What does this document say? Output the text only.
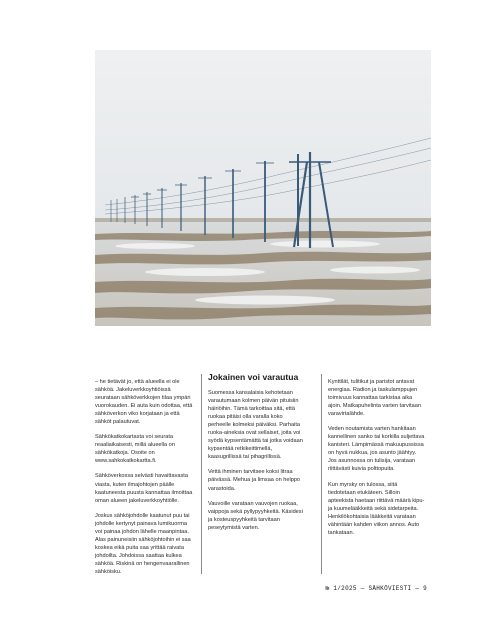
– he tietävät jo, että alueella ei ole sähköä. Jakeluverkkoyhtiöissä seurataan sähköverkkojen tilaa ympäri vuorokauden. Ei auta kuin odottaa, että sähköverkon viko korjataan ja että sähköt palautuvat.

Sähkökatkokartasta voi seurata reaaliaikaisesti, millä alueella on sähkökatkoja. Osoite on www.sahkokatkokartta.fi.

Sähköverkossa selvästi havaittavasta viasta, kuten ilmajohtojen päälle kaatuneesta puusta kannattaa ilmoittaa oman alueen jakeluverkkoyhtiölle.

Joskus sähköjohdolle kaatunut puu tai johdolle kertynyt painava lumikuorma voi painaa johdon lähelle maanpintaa. Alas painuneisiin sähköjohtoihin ei saa koskea eikä puita saa yrittää raivata johdoilta. Johdoissa saattaa kulkea sähköä. Riskinä on hengenvaarallinen sähköisku.

Jokainen voi varautua

Suomessa kansalaisia kehotetaan varautumaan kolmen päivän pituisiin häiriöihin. Tämä tarkoittaa sitä, että ruokaa pitäisi olla varalla koko perheelle kolmeksi päiväksi. Parhaita ruoka-aineksia ovat sellaiset, joita voi syödä kypsentämättä tai jotka voidaan kypsentää retkikeittimellä, kaasugrillissä tai pihagrillissä.

Vettä ihminen tarvitsee koksi litraa päivässä. Mehua ja limsaa on helppo varastoida.

Vauvoille varataan vauvojen ruokaa, vaippoja sekä pyllypyyhkeitä. Käsidesi ja kosteuspyyhkeitä tarvitaan peseytymistä varten.

Kynttilät, tulitikut ja paristot antavat energiaa. Radion ja taskulamppujen toimivuus kannattaa tarkistaa aika ajoin. Matkapuhelinta varten tarvitaan varavirtalähde.

Veden noutamista varten hankitaan kannellinen sanko tai korkilla suljettava kanisteri. Lämpimässä makuupussissa on hyvä nukkua, jos asunto jäähtyy. Jos asunnossa on tulisija, varataan riittävästi kuivia polttopuita.

Kun myrsky on tulossa, siitä tiedotetaan etukäteen. Silloin apteekista haetaan riittävä määrä kipu- ja kuumelääkkeitä sekä sidetarpeita. Henkilökohtaisia lääkkeitä varataan vähintään kahden viikon annos. Auto tankataan.

№ 1/2025 — SÄHKÖVIESTI — 9
